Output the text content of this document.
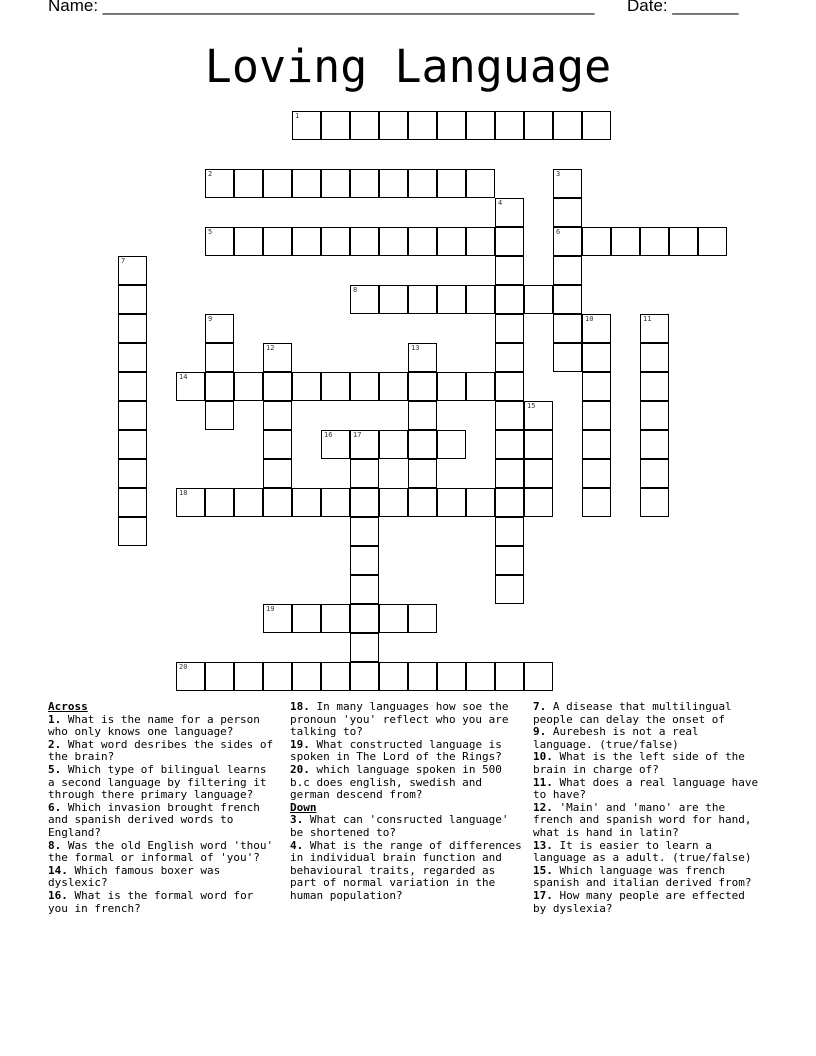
Name: ____________________________________________________ Date: _______
Loving Language
1
2	3
6
4
5
7
8
9	10	11
12	13
14
15
16	17
18
19
20
Across

1. What is the name for a person who only knows one language?

2. What word desribes the sides of the brain?

5. Which type of bilingual learns a second language by filtering it through there primary language?

6. Which invasion brought french and spanish derived words to England?

8. Was the old English word 'thou' the formal or informal of 'you'?

14. Which famous boxer was dyslexic?

16. What is the formal word for you in french?

18. In many languages how soe the pronoun 'you' reflect who you are talking to?

19. What constructed language is spoken in The Lord of the Rings?

20. which language spoken in 500 b.c does english, swedish and german descend from?

Down

3. What can 'consructed language' be shortened to?

4. What is the range of differences in individual brain function and behavioural traits, regarded as part of normal variation in the human population?

7. A disease that multilingual people can delay the onset of

9. Aurebesh is not a real language. (true/false)

10. What is the left side of the brain in charge of?

11. What does a real language have to have?

12. 'Main' and 'mano' are the french and spanish word for hand, what is hand in latin?

13. It is easier to learn a language as a adult. (true/false)

15. Which language was french spanish and italian derived from?

17. How many people are effected by dyslexia?
